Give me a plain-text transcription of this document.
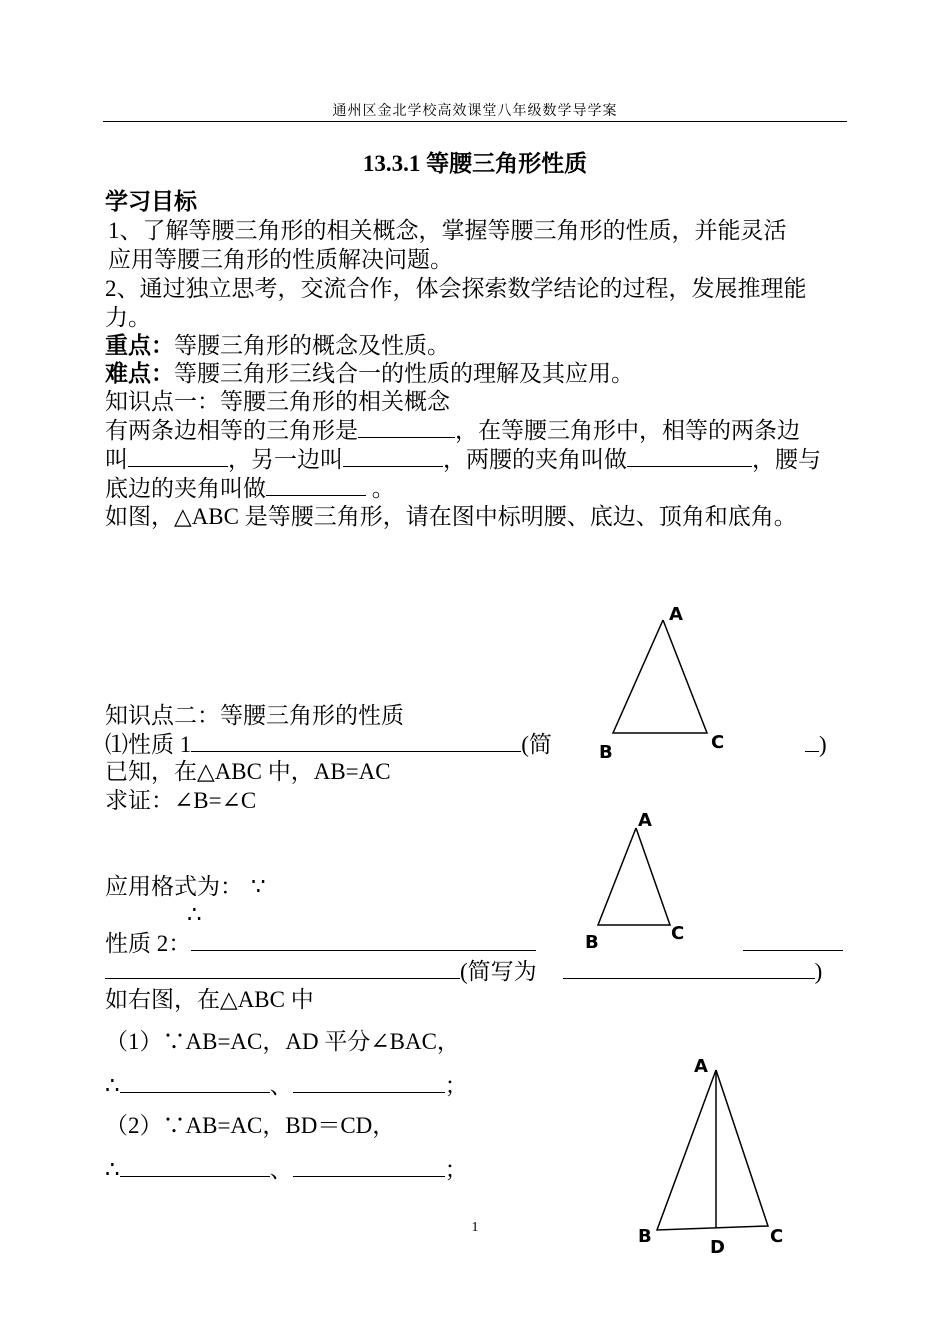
通州区金北学校高效课堂八年级数学导学案
13.3.1 等腰三角形性质
学习目标
1、了解等腰三角形的相关概念，掌握等腰三角形的性质，并能灵活
应用等腰三角形的性质解决问题。
2、通过独立思考，交流合作，体会探索数学结论的过程，发展推理能
力。
重点：等腰三角形的概念及性质。
难点：等腰三角形三线合一的性质的理解及其应用。
知识点一：等腰三角形的相关概念
有两条边相等的三角形是	，在等腰三角形中，相等的两条边
叫	，另一边叫	，两腰的夹角叫做	，腰与
底边的夹角叫做	。
如图，△ABC 是等腰三角形，请在图中标明腰、底边、顶角和底角。
A
B	C
知识点二：等腰三角形的性质
⑴性质 1	(简	)
已知，在△ABC 中，AB=AC
求证：∠B=∠C
应用格式为： ∵
∴
性质 2：
(简写为	)
如右图，在△ABC 中
（1）∵AB=AC，AD 平分∠BAC，
∴	、	；
（2）∵AB=AC，BD＝CD，
∴	、	；
A
B	C
A
B	C
D
1
